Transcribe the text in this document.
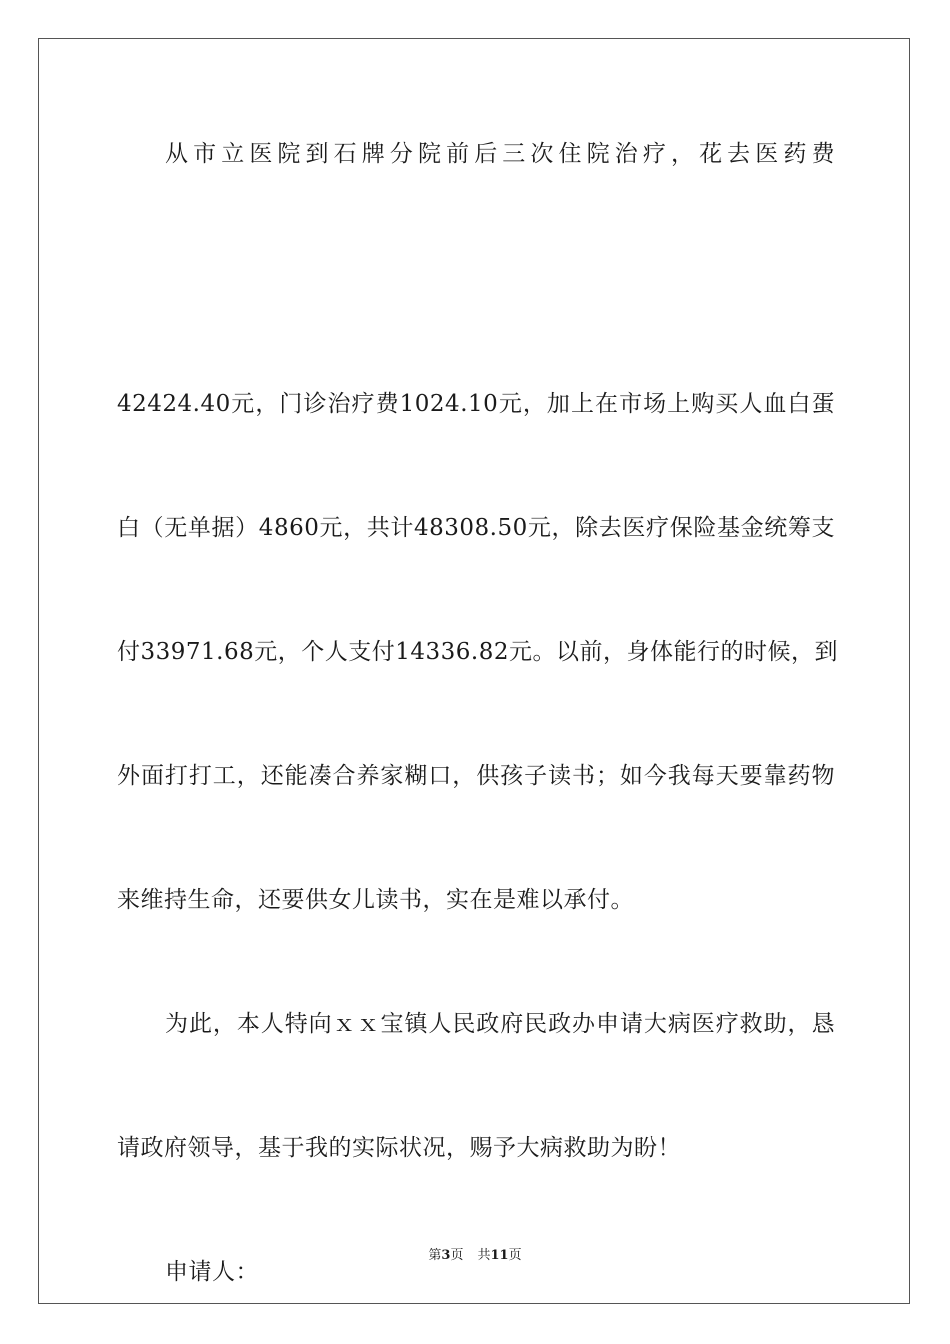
从市立医院到石牌分院前后三次住院治疗，花去医药费
42424.40元，门诊治疗费1024.10元，加上在市场上购买人血白蛋
白（无单据）4860元，共计48308.50元，除去医疗保险基金统筹支
付33971.68元，个人支付14336.82元。以前，身体能行的时候，到
外面打打工，还能凑合养家糊口，供孩子读书；如今我每天要靠药物
来维持生命，还要供女儿读书，实在是难以承付。
为此，本人特向ｘｘ宝镇人民政府民政办申请大病医疗救助，恳
请政府领导，基于我的实际状况，赐予大病救助为盼！
申请人：
第3页 共11页
